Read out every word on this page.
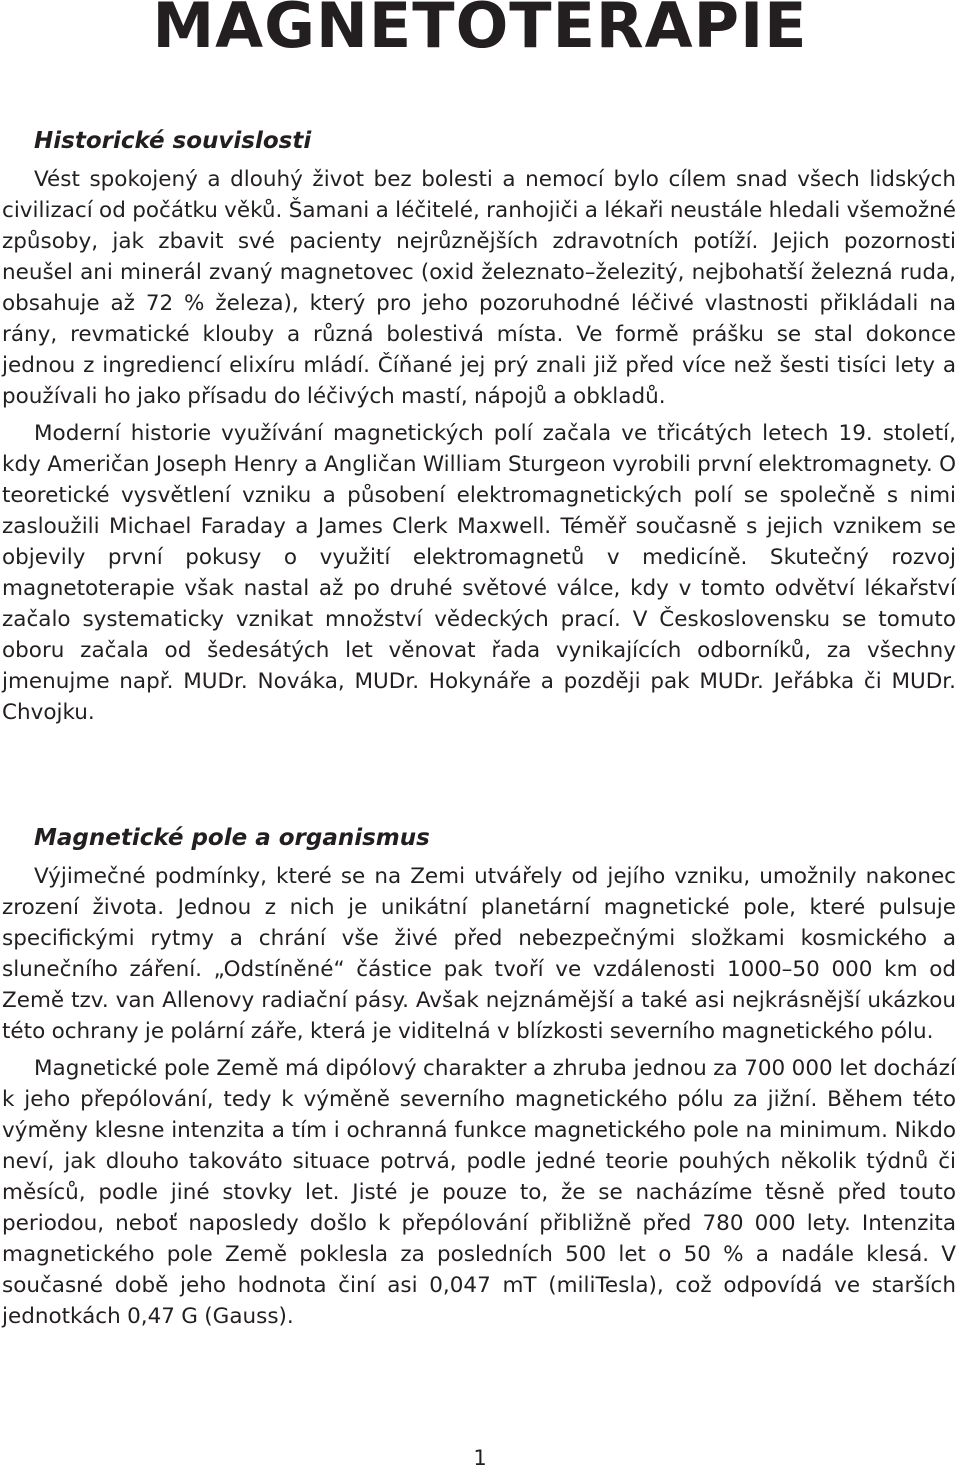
MAGNETOTERAPIE
Historické souvislosti

Vést spokojený a dlouhý život bez bolesti a nemocí bylo cílem snad všech lidských civilizací od počátku věků. Šamani a léčitelé, ranhojiči a lékaři neustále hledali všemožné způsoby, jak zbavit své pacienty nejrůznějších zdravotních potíží. Jejich pozornosti neušel ani minerál zvaný magnetovec (oxid železnato–železitý, nejbohatší železná ruda, obsahuje až 72 % železa), který pro jeho pozoruhodné léčivé vlastnosti přikládali na rány, revmatické klouby a různá bolestivá místa. Ve formě prášku se stal dokonce jednou z ingrediencí elixíru mládí. Číňané jej prý znali již před více než šesti tisíci lety a používali ho jako přísadu do léčivých mastí, nápojů a obkladů.

Moderní historie využívání magnetických polí začala ve třicátých letech 19. století, kdy Američan Joseph Henry a Angličan William Sturgeon vyrobili první elektromagnety. O teoretické vysvětlení vzniku a působení elektromagnetických polí se společně s nimi zasloužili Michael Faraday a James Clerk Maxwell. Téměř současně s jejich vznikem se objevily první pokusy o využití elektromagnetů v medicíně. Skutečný rozvoj magnetoterapie však nastal až po druhé světové válce, kdy v tomto odvětví lékařství začalo systematicky vznikat množství vědeckých prací. V Československu se tomuto oboru začala od šedesátých let věnovat řada vynikajících odborníků, za všechny jmenujme např. MUDr. Nováka, MUDr. Hokynáře a později pak MUDr. Jeřábka či MUDr. Chvojku.

Magnetické pole a organismus

Výjimečné podmínky, které se na Zemi utvářely od jejího vzniku, umožnily nakonec zrození života. Jednou z nich je unikátní planetární magnetické pole, které pulsuje specifickými rytmy a chrání vše živé před nebezpečnými složkami kosmického a slunečního záření. „Odstíněné“ částice pak tvoří ve vzdálenosti 1000–50 000 km od Země tzv. van Allenovy radiační pásy. Avšak nejznámější a také asi nejkrásnější ukázkou této ochrany je polární záře, která je viditelná v blízkosti severního magnetického pólu.

Magnetické pole Země má dipólový charakter a zhruba jednou za 700 000 let dochází k jeho přepólování, tedy k výměně severního magnetického pólu za jižní. Během této výměny klesne intenzita a tím i ochranná funkce magnetického pole na minimum. Nikdo neví, jak dlouho takováto situace potrvá, podle jedné teorie pouhých několik týdnů či měsíců, podle jiné stovky let. Jisté je pouze to, že se nacházíme těsně před touto periodou, neboť naposledy došlo k přepólování přibližně před 780 000 lety. Intenzita magnetického pole Země poklesla za posledních 500 let o 50 % a nadále klesá. V současné době jeho hodnota činí asi 0,047 mT (miliTesla), což odpovídá ve starších jednotkách 0,47 G (Gauss).

1
